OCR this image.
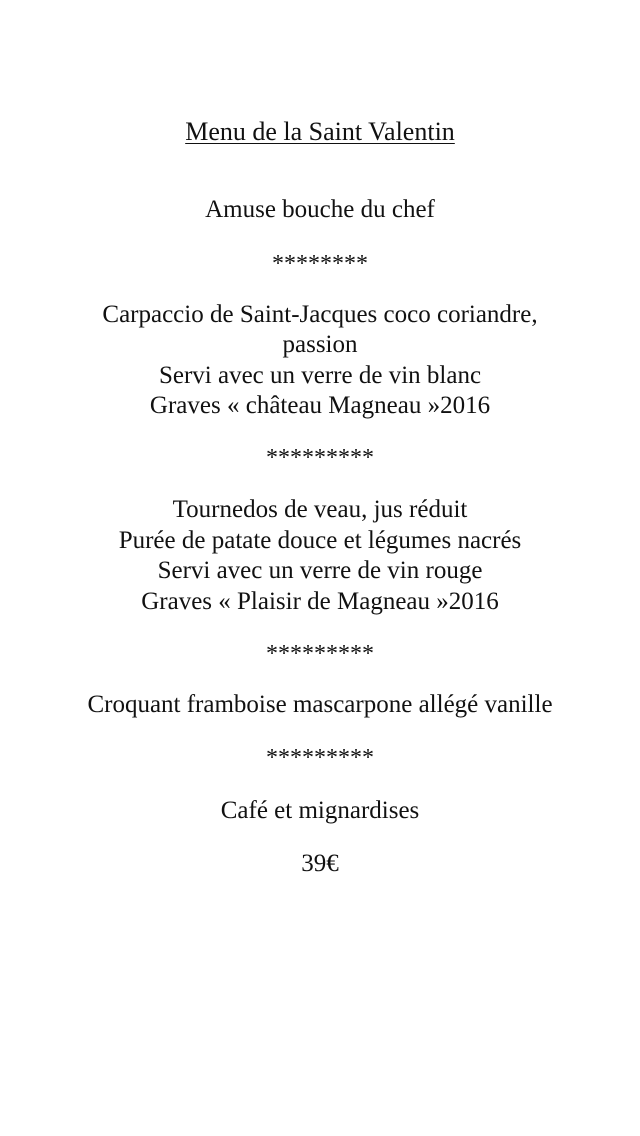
Menu de la Saint Valentin
Amuse bouche du chef
********
Carpaccio de Saint-Jacques coco coriandre,
passion
Servi avec un verre de vin blanc
Graves « château Magneau »2016
*********
Tournedos de veau, jus réduit
Purée de patate douce et légumes nacrés
Servi avec un verre de vin rouge
Graves « Plaisir de Magneau »2016
*********
Croquant framboise mascarpone allégé vanille
*********
Café et mignardises
39€
